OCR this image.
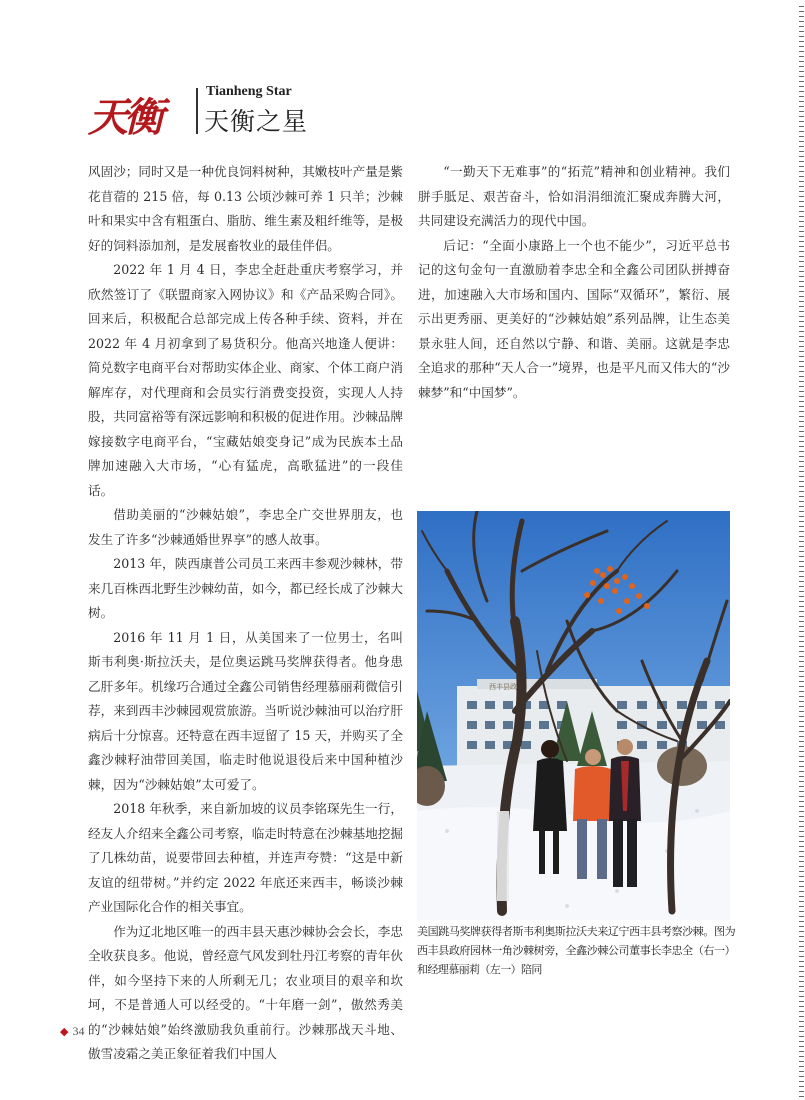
天衡
Tianheng Star
天衡之星

风固沙；同时又是一种优良饲料树种，其嫩枝叶产量是紫花苜蓿的 215 倍，每 0.13 公顷沙棘可养 1 只羊；沙棘叶和果实中含有粗蛋白、脂肪、维生素及粗纤维等，是极好的饲料添加剂，是发展畜牧业的最佳伴侣。

2022 年 1 月 4 日，李忠全赶赴重庆考察学习，并欣然签订了《联盟商家入网协议》和《产品采购合同》。回来后，积极配合总部完成上传各种手续、资料，并在 2022 年 4 月初拿到了易货积分。他高兴地逢人便讲：简兑数字电商平台对帮助实体企业、商家、个体工商户消解库存，对代理商和会员实行消费变投资，实现人人持股，共同富裕等有深远影响和积极的促进作用。沙棘品牌嫁接数字电商平台，“宝藏姑娘变身记”成为民族本土品牌加速融入大市场，“心有猛虎，高歌猛进”的一段佳话。

借助美丽的“沙棘姑娘”，李忠全广交世界朋友，也发生了许多“沙棘通婚世界享”的感人故事。

2013 年，陕西康普公司员工来西丰参观沙棘林，带来几百株西北野生沙棘幼苗，如今，都已经长成了沙棘大树。

2016 年 11 月 1 日，从美国来了一位男士，名叫斯韦利奥·斯拉沃夫，是位奥运跳马奖牌获得者。他身患乙肝多年。机缘巧合通过全鑫公司销售经理慕丽莉微信引荐，来到西丰沙棘园观赏旅游。当听说沙棘油可以治疗肝病后十分惊喜。还特意在西丰逗留了 15 天，并购买了全鑫沙棘籽油带回美国，临走时他说退役后来中国种植沙棘，因为“沙棘姑娘”太可爱了。

2018 年秋季，来自新加坡的议员李铭琛先生一行，经友人介绍来全鑫公司考察，临走时特意在沙棘基地挖掘了几株幼苗，说要带回去种植，并连声夸赞：“这是中新友谊的纽带树。”并约定 2022 年底还来西丰，畅谈沙棘产业国际化合作的相关事宜。

作为辽北地区唯一的西丰县天惠沙棘协会会长，李忠全收获良多。他说，曾经意气风发到牡丹江考察的青年伙伴，如今坚持下来的人所剩无几；农业项目的艰辛和坎坷，不是普通人可以经受的。“十年磨一剑”，傲然秀美的“沙棘姑娘”始终激励我负重前行。沙棘那战天斗地、傲雪凌霜之美正象征着我们中国人

“一勤天下无难事”的“拓荒”精神和创业精神。我们胼手胝足、艰苦奋斗，恰如涓涓细流汇聚成奔腾大河，共同建设充满活力的现代中国。

后记：“全面小康路上一个也不能少”，习近平总书记的这句金句一直激励着李忠全和全鑫公司团队拼搏奋进，加速融入大市场和国内、国际“双循环”，繁衍、展示出更秀丽、更美好的“沙棘姑娘”系列品牌，让生态美景永驻人间，还自然以宁静、和谐、美丽。这就是李忠全追求的那种“天人合一”境界，也是平凡而又伟大的“沙棘梦”和“中国梦”。

西丰县政府
美国跳马奖牌获得者斯韦利奥斯拉沃夫来辽宁西丰县考察沙棘。图为西丰县政府园林一角沙棘树旁，全鑫沙棘公司董事长李忠全（右一）和经理慕丽莉（左一）陪同
◆ 34
